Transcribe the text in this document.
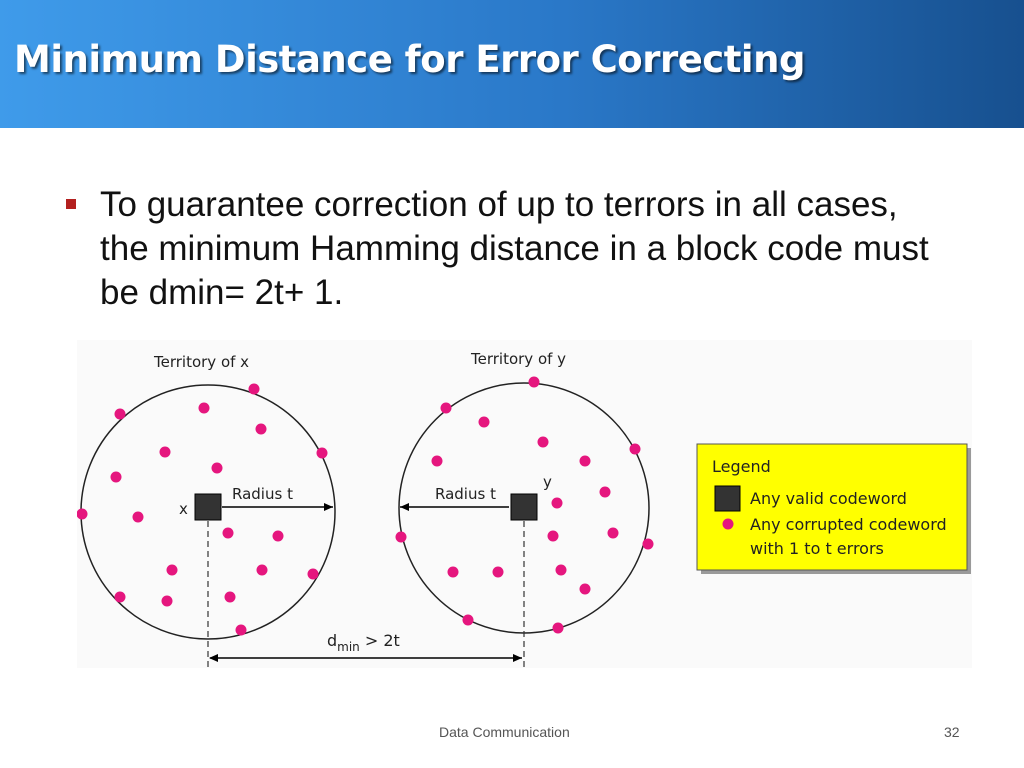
Minimum Distance for Error Correcting

To guarantee correction of up to terrors in all cases, the minimum Hamming distance in a block code must be dmin= 2t+ 1.

Territory of x	Territory of y
Radius t	Radius t
$d_{min} > 2t$
x
y
Legend
Any valid codeword
Any corrupted codeword
with 1 to t errors
Data Communication	32
